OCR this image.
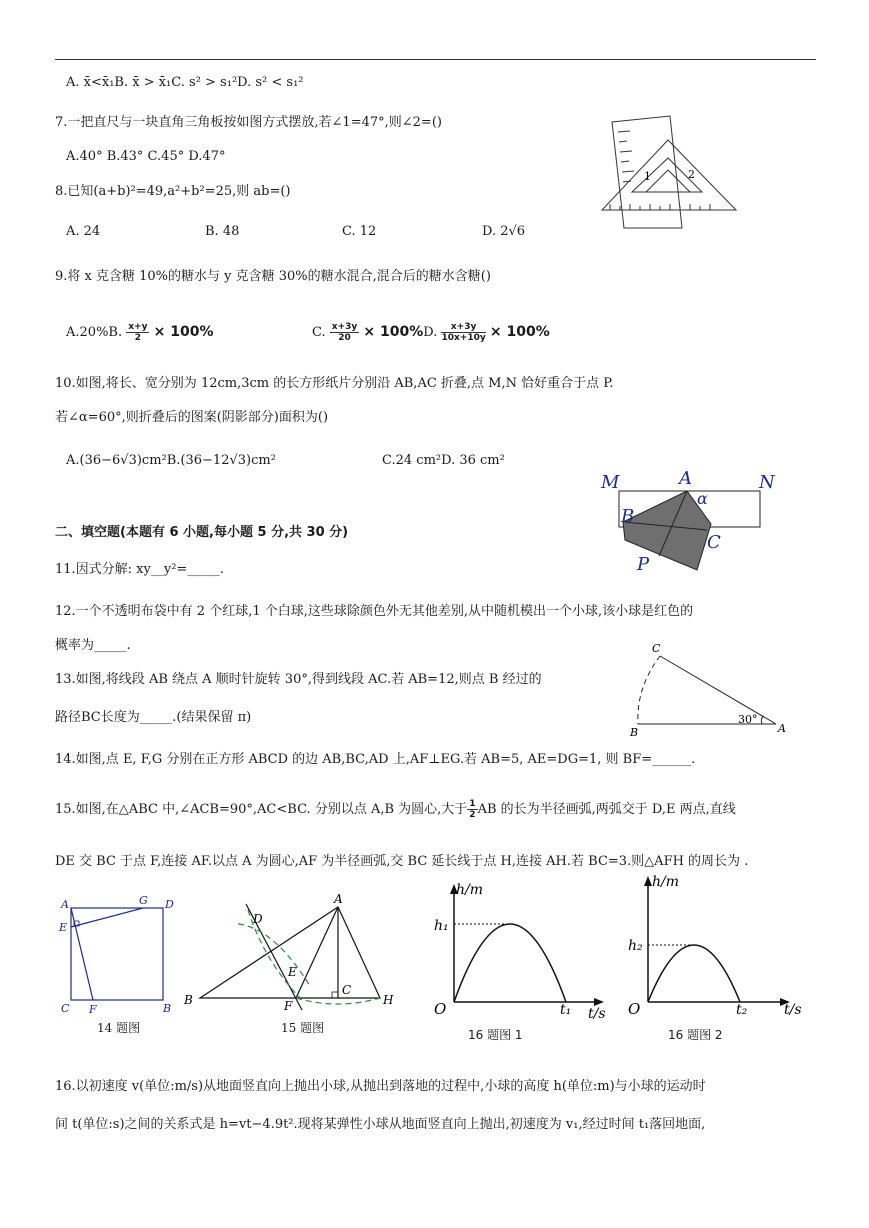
A. x̄<x̄₁B. x̄ > x̄₁C. s² > s₁²D. s² < s₁²
7.一把直尺与一块直角三角板按如图方式摆放,若∠1=47°,则∠2=()
A.40° B.43° C.45° D.47°
1	2
8.已知(a+b)²=49,a²+b²=25,则 ab=()
A. 24	B. 48	C. 12	D. 2√6
9.将 x 克含糖 10%的糖水与 y 克含糖 30%的糖水混合,混合后的糖水含糖()
A.20%B. $\frac{x+y}{2} \times 100\%$	C. $\frac{x+3y}{20} \times 100\%D$. $\frac{x+3y}{10x+10y} \times 100\%$
10.如图,将长、宽分别为 12cm,3cm 的长方形纸片分别沿 AB,AC 折叠,点 M,N 恰好重合于点 P.
若∠α=60°,则折叠后的图案(阴影部分)面积为()
A.(36−6√3)cm²B.(36−12√3)cm²	C.24 cm²D. 36 cm²
M	A
α
N
B
C
P
二、填空题(本题有 6 小题,每小题 5 分,共 30 分)
11.因式分解: xy__y²=_____.
12.一个不透明布袋中有 2 个红球,1 个白球,这些球除颜色外无其他差别,从中随机模出一个小球,该小球是红色的
概率为_____.
13.如图,将线段 AB 绕点 A 顺时针旋转 30°,得到线段 AC.若 AB=12,则点 B 经过的
路径BC长度为_____.(结果保留 π)
C
B	A
30°
14.如图,点 E, F,G 分别在正方形 ABCD 的边 AB,BC,AD 上,AF⊥EG.若 AB=5, AE=DG=1, 则 BF=______.
15.如图,在△ABC 中,∠ACB=90°,AC<BC. 分别以点 A,B 为圆心,大于 $\frac{1}{2}$ AB 的长为半径画弧,两弧交于 D,E 两点,直线
DE 交 BC 于点 F,连接 AF.以点 A 为圆心,AF 为半径画弧,交 BC 延长线于点 H,连接 AH.若 BC=3.则△AFH 的周长为 .
A	G D
E
C F	B
14 题图
A
D
E
B	F
C
H
15 题图
h/m
h₁
O	t₁ t/s
16 题图 1
h/m
h₂
O	t₂	t/s
16 题图 2
16.以初速度 v(单位:m/s)从地面竖直向上抛出小球,从抛出到落地的过程中,小球的高度 h(单位:m)与小球的运动时
间 t(单位:s)之间的关系式是 h=vt−4.9t².现将某弹性小球从地面竖直向上抛出,初速度为 v₁,经过时间 t₁落回地面,
